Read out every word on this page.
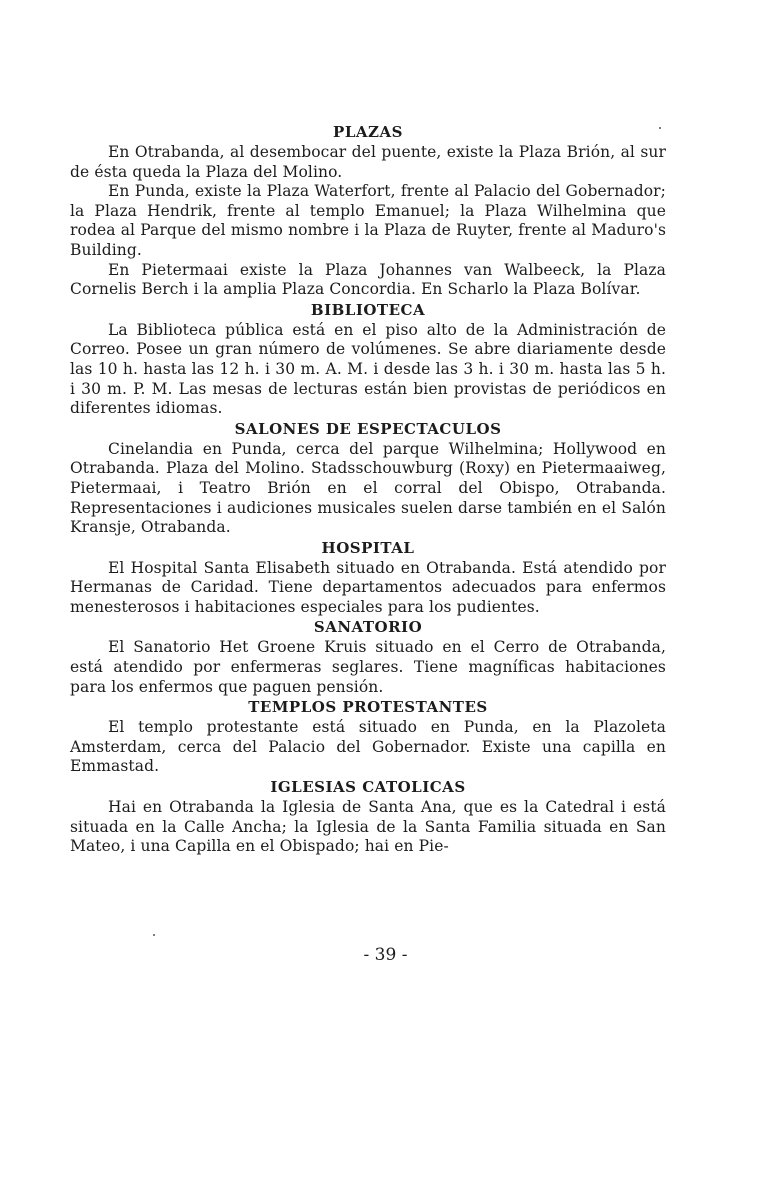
PLAZAS

En Otrabanda, al desembocar del puente, existe la Plaza Brión, al sur de ésta queda la Plaza del Molino.

En Punda, existe la Plaza Waterfort, frente al Palacio del Gobernador; la Plaza Hendrik, frente al templo Emanuel; la Plaza Wilhelmina que rodea al Parque del mismo nombre i la Plaza de Ruyter, frente al Maduro's Building.

En Pietermaai existe la Plaza Johannes van Walbeeck, la Plaza Cornelis Berch i la amplia Plaza Concordia. En Scharlo la Plaza Bolívar.

BIBLIOTECA

La Biblioteca pública está en el piso alto de la Administración de Correo. Posee un gran número de volúmenes. Se abre diariamente desde las 10 h. hasta las 12 h. i 30 m. A. M. i desde las 3 h. i 30 m. hasta las 5 h. i 30 m. P. M. Las mesas de lecturas están bien provistas de periódicos en diferentes idiomas.

SALONES DE ESPECTACULOS

Cinelandia en Punda, cerca del parque Wilhelmina; Hollywood en Otrabanda. Plaza del Molino. Stadsschouwburg (Roxy) en Pietermaaiweg, Pietermaai, i Teatro Brión en el corral del Obispo, Otrabanda. Representaciones i audiciones musicales suelen darse también en el Salón Kransje, Otrabanda.

HOSPITAL

El Hospital Santa Elisabeth situado en Otrabanda. Está atendido por Hermanas de Caridad. Tiene departamentos adecuados para enfermos menesterosos i habitaciones especiales para los pudientes.

SANATORIO

El Sanatorio Het Groene Kruis situado en el Cerro de Otrabanda, está atendido por enfermeras seglares. Tiene magníficas habitaciones para los enfermos que paguen pensión.

TEMPLOS PROTESTANTES

El templo protestante está situado en Punda, en la Plazoleta Amsterdam, cerca del Palacio del Gobernador. Existe una capilla en Emmastad.

IGLESIAS CATOLICAS

Hai en Otrabanda la Iglesia de Santa Ana, que es la Catedral i está situada en la Calle Ancha; la Iglesia de la Santa Familia situada en San Mateo, i una Capilla en el Obispado; hai en Pie-

- 39 -
